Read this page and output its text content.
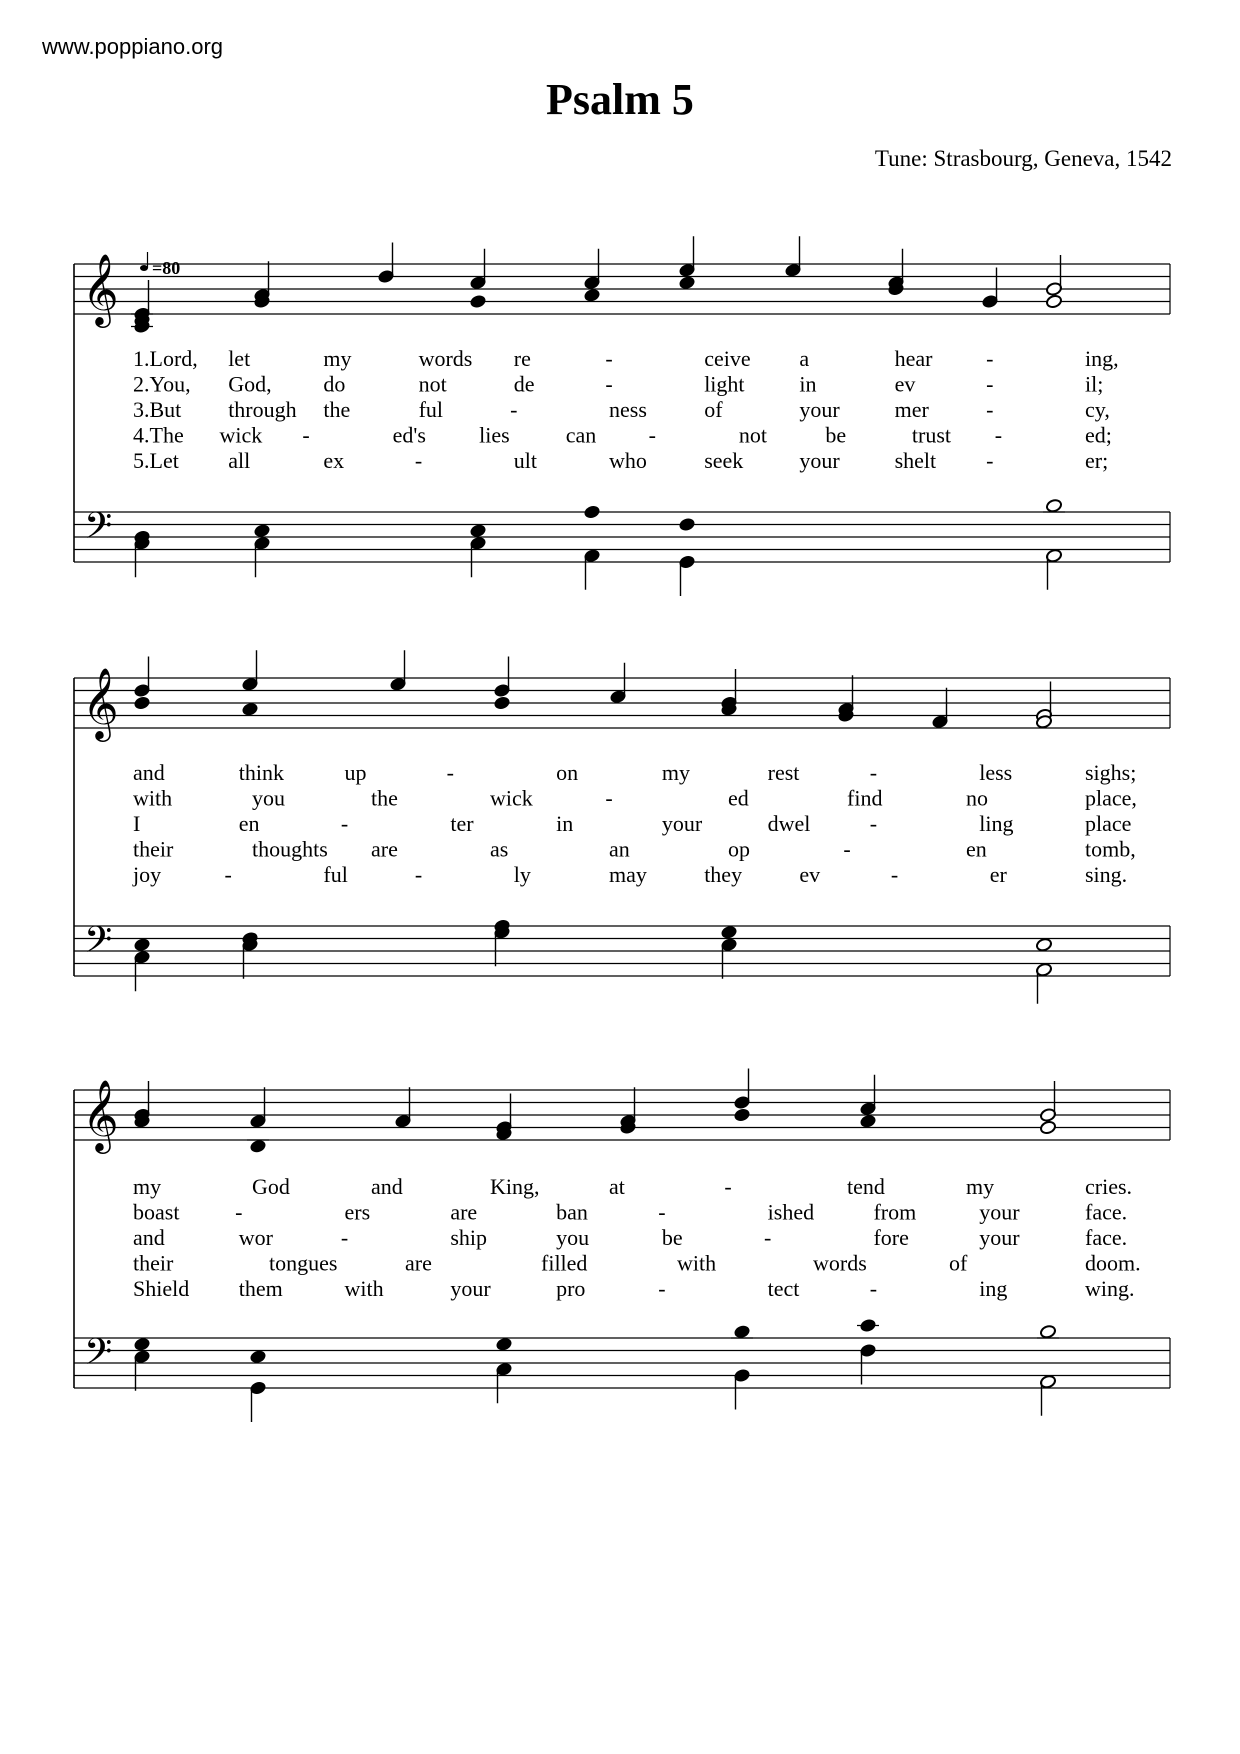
www.poppiano.org
Psalm 5
Tune: Strasbourg, Geneva, 1542
𝄞
𝄢
1.Lord, let	my	words re	-	ceive a	hear -	ing,
2.You, God, do	not	de	-	light in	ev	-	il;
3.But through the	ful	-	ness	of	your mer	-	cy,
4.The wick -	ed's lies	can -	not	be	trust -	ed;
5.Let all	ex	-	ult	who	seek	your shelt -	er;
𝄞
𝄢
and	think	up	-	on	my	rest	-	less	sighs;
with	you	the	wick	-	ed	find	no	place,
I	en	-	ter	in	your	dwel	-	ling	place
their	thoughts are	as	an	op	-	en	tomb,
joy	-	ful	-	ly	may	they	ev	-	er	sing.
𝄞
𝄢
my	God	and	King,	at	-	tend	my	cries.
boast	-	ers	are	ban	-	ished	from	your	face.
and	wor	-	ship	you	be	-	fore	your	face.
their	tongues	are	filled	with	words	of	doom.
Shield them	with	your	pro	-	tect	-	ing	wing.
=80
